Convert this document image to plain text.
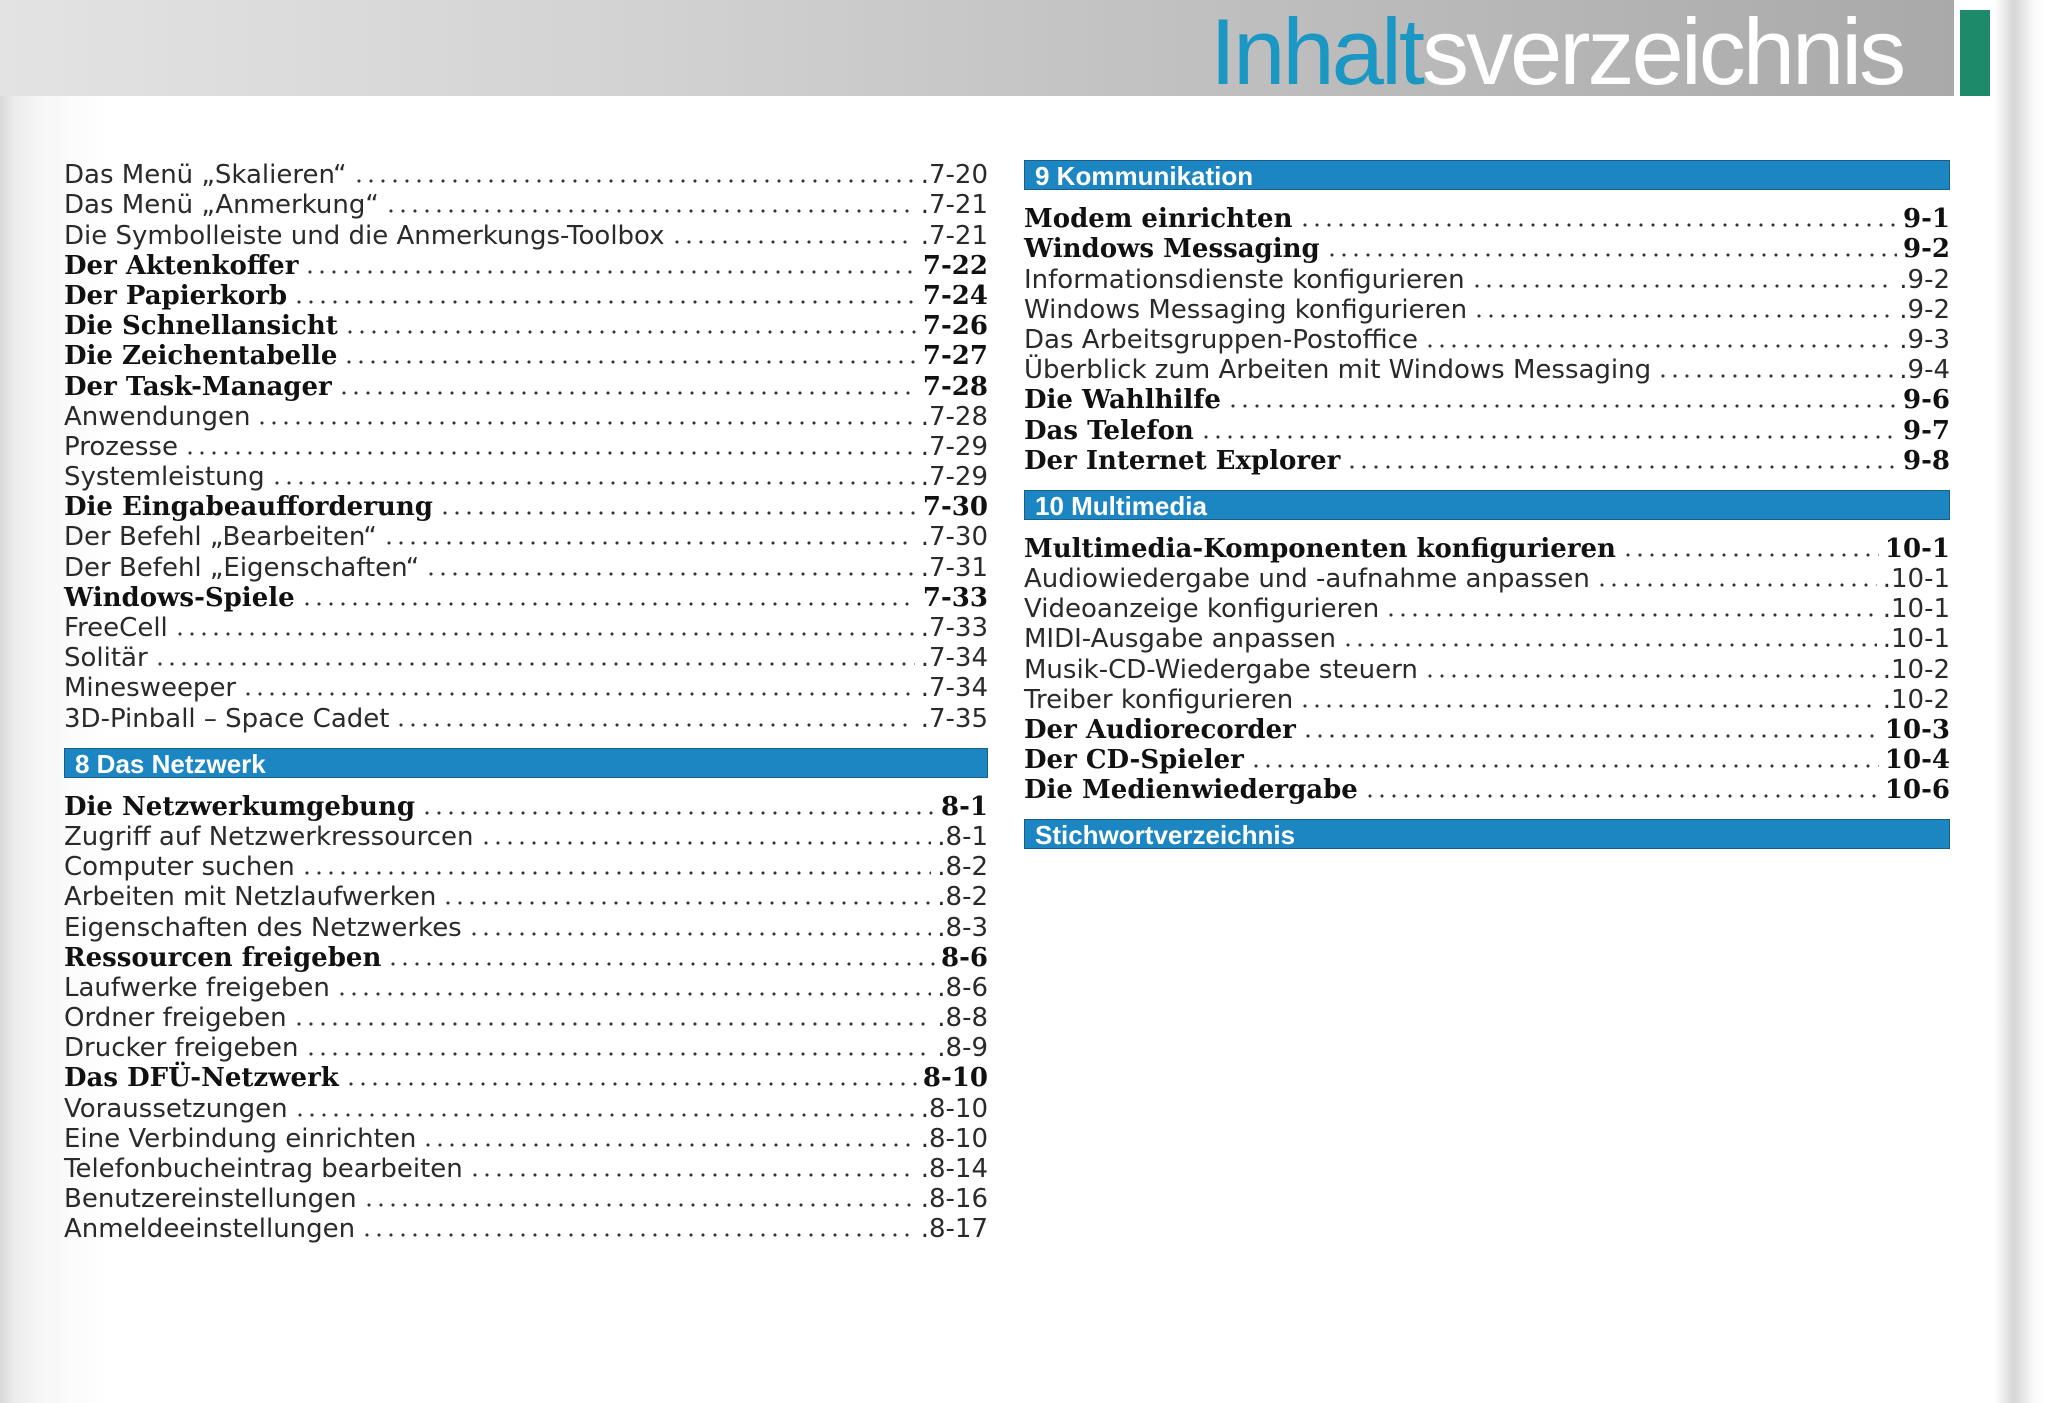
Inhaltsverzeichnis
Das Menü „Skalieren“	.7-20
Das Menü „Anmerkung“	.7-21
Die Symbolleiste und die Anmerkungs-Toolbox	.7-21
Der Aktenkoffer	7-22
Der Papierkorb	7-24
Die Schnellansicht	7-26
Die Zeichentabelle	7-27
Der Task-Manager	7-28
Anwendungen	.7-28
Prozesse	.7-29
Systemleistung	.7-29
Die Eingabeaufforderung	7-30
Der Befehl „Bearbeiten“	.7-30
Der Befehl „Eigenschaften“	.7-31
Windows-Spiele	7-33
FreeCell	.7-33
Solitär	.7-34
Minesweeper	.7-34
3D-Pinball – Space Cadet	.7-35
8 Das Netzwerk
Die Netzwerkumgebung	8-1
Zugriff auf Netzwerkressourcen	.8-1
Computer suchen	.8-2
Arbeiten mit Netzlaufwerken	.8-2
Eigenschaften des Netzwerkes	.8-3
Ressourcen freigeben	8-6
Laufwerke freigeben	.8-6
Ordner freigeben	.8-8
Drucker freigeben	.8-9
Das DFÜ-Netzwerk	8-10
Voraussetzungen	.8-10
Eine Verbindung einrichten	.8-10
Telefonbucheintrag bearbeiten	.8-14
Benutzereinstellungen	.8-16
Anmeldeeinstellungen	.8-17
9 Kommunikation
Modem einrichten	9-1
Windows Messaging	9-2
Informationsdienste konfigurieren	.9-2
Windows Messaging konfigurieren	.9-2
Das Arbeitsgruppen-Postoffice	.9-3
Überblick zum Arbeiten mit Windows Messaging	.9-4
Die Wahlhilfe	9-6
Das Telefon	9-7
Der Internet Explorer	9-8
10 Multimedia
Multimedia-Komponenten konfigurieren	10-1
Audiowiedergabe und -aufnahme anpassen	.10-1
Videoanzeige konfigurieren	.10-1
MIDI-Ausgabe anpassen	.10-1
Musik-CD-Wiedergabe steuern	.10-2
Treiber konfigurieren	.10-2
Der Audiorecorder	10-3
Der CD-Spieler	10-4
Die Medienwiedergabe	10-6
Stichwortverzeichnis
